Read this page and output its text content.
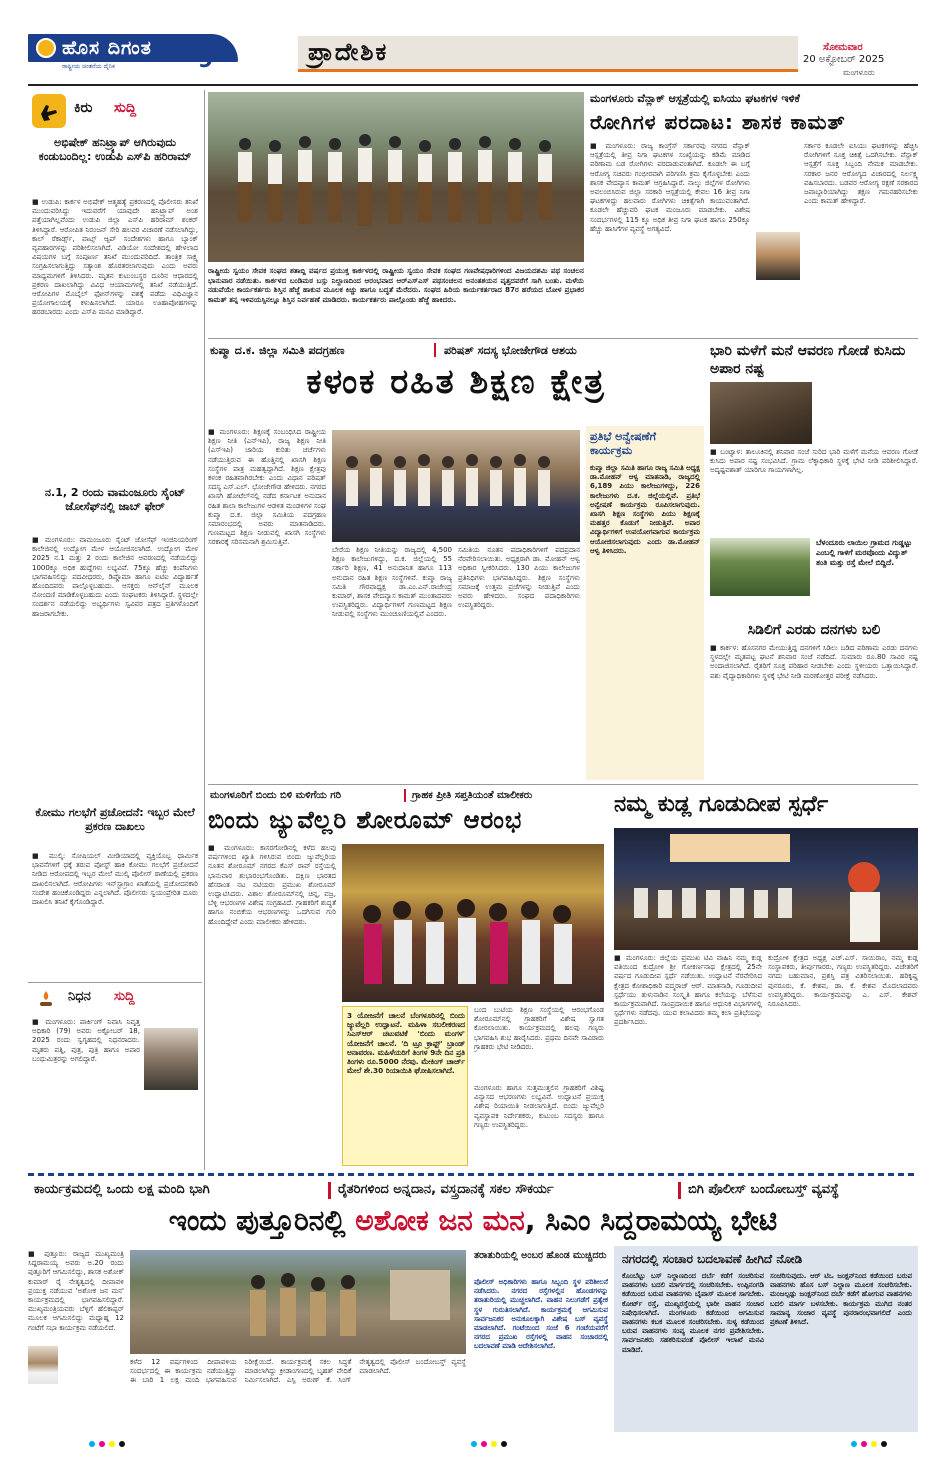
ಹೊಸ ದಿಗಂತ
ರಾಷ್ಟ್ರೀಯ ಚಿಂತನೆಯ ದೈನಿಕ	9	ಪ್ರಾದೇಶಿಕ	ಸೋಮವಾರ
20 ಅಕ್ಟೋಬರ್ 2025
ಮಂಗಳೂರು
ಕಿರು ಸುದ್ದಿ
ಅಭಿಷೇಕ್ ಹನಿಟ್ರ್ಯಾಪ್ ಆಗಿರುವುದು ಕಂಡುಬಂದಿಲ್ಲ: ಉಡುಪಿ ಎಸ್‌ಪಿ ಹರಿರಾಮ್
■ ಉಡುಪಿ: ಕಾರ್ಕಳ ಅಭಿಷೇಕ್ ಆತ್ಮಹತ್ಯೆ ಪ್ರಕರಣದಲ್ಲಿ ಪೊಲೀಸರು ತನಿಖೆ ಮುಂದುವರಿಸಿದ್ದು ಇದುವರೆಗೆ ಯಾವುದೇ ಹನಿಟ್ರ್ಯಾಪ್ ಅಂಶ ಪತ್ತೆಯಾಗಿಲ್ಲವೆಂದು ಉಡುಪಿ ಜಿಲ್ಲಾ ಎಸ್‌ಪಿ ಹರಿರಾಮ್ ಶಂಕರ್ ತಿಳಿಸಿದ್ದಾರೆ. ಆರೋಪಿತ ನಿರಂಜನ್ ಸೇರಿ ಹಲವರ ವಿಚಾರಣೆ ನಡೆಸಲಾಗಿದ್ದು, ಕಾಲ್ ರೆಕಾರ್ಡ್ಸ್, ವಾಟ್ಸ್ ಆ್ಯಪ್ ಸಂದೇಶಗಳು ಹಾಗೂ ಬ್ಯಾಂಕ್ ವ್ಯವಹಾರಗಳನ್ನು ಪರಿಶೀಲಿಸಲಾಗಿದೆ. ವಿಡಿಯೋ ಸಂದೇಶದಲ್ಲಿ ಹೇಳಲಾದ ವಿಷಯಗಳ ಬಗ್ಗೆ ಸಂಪೂರ್ಣ ತನಿಖೆ ಮುಂದುವರಿದಿದೆ. ತಾಂತ್ರಿಕ ಸಾಕ್ಷ್ಯ ಸಂಗ್ರಹಿಸಲಾಗುತ್ತಿದ್ದು ಸತ್ಯಾಂಶ ಹೊರತರಲಾಗುವುದು ಎಂದು ಅವರು ಮಾಧ್ಯಮಗಳಿಗೆ ತಿಳಿಸಿದರು. ಮೃತನ ಕುಟುಂಬಸ್ಥರ ದೂರಿನ ಆಧಾರದಲ್ಲಿ ಪ್ರಕರಣ ದಾಖಲಾಗಿದ್ದು ವಿವಿಧ ಆಯಾಮಗಳಲ್ಲಿ ತನಿಖೆ ನಡೆಯುತ್ತಿದೆ. ಆರೋಪಿಗಳ ಮೊಬೈಲ್ ಫೋನ್‌ಗಳನ್ನು ವಶಕ್ಕೆ ಪಡೆದು ವಿಧಿವಿಜ್ಞಾನ ಪ್ರಯೋಗಾಲಯಕ್ಕೆ ಕಳುಹಿಸಲಾಗಿದೆ. ಯಾರೂ ಊಹಾಪೋಹಗಳನ್ನು ಹರಡಬಾರದು ಎಂದು ಎಸ್‌ಪಿ ಮನವಿ ಮಾಡಿದ್ದಾರೆ.
ನ.1, 2 ರಂದು ವಾಮಂಜೂರು ಸೈಂಟ್ ಜೋಸೆಫ್‌ನಲ್ಲಿ ಜಾಬ್ ಫೇರ್
■ ಮಂಗಳೂರು: ವಾಮಂಜೂರು ಸೈಂಟ್ ಜೋಸೆಫ್ ಇಂಜಿನಿಯರಿಂಗ್ ಕಾಲೇಜಿನಲ್ಲಿ ಉದ್ಯೋಗ ಮೇಳ ಆಯೋಜಿಸಲಾಗಿದೆ. ಉದ್ಯೋಗ ಮೇಳ 2025 ನ.1 ಮತ್ತು 2 ರಂದು ಕಾಲೇಜಿನ ಆವರಣದಲ್ಲಿ ನಡೆಯಲಿದ್ದು 1000ಕ್ಕೂ ಅಧಿಕ ಹುದ್ದೆಗಳು ಲಭ್ಯವಿವೆ. 75ಕ್ಕೂ ಹೆಚ್ಚು ಕಂಪೆನಿಗಳು ಭಾಗವಹಿಸಲಿದ್ದು ಪದವೀಧರರು, ಡಿಪ್ಲೊಮಾ ಹಾಗೂ ಐಟಿಐ ವಿದ್ಯಾರ್ಹತೆ ಹೊಂದಿದವರು ಪಾಲ್ಗೊಳ್ಳಬಹುದು. ಆಸಕ್ತರು ಆನ್‌ಲೈನ್ ಮೂಲಕ ನೋಂದಣಿ ಮಾಡಿಕೊಳ್ಳಬಹುದು ಎಂದು ಸಂಘಟಕರು ತಿಳಿಸಿದ್ದಾರೆ. ಸ್ಥಳದಲ್ಲೇ ಸಂದರ್ಶನ ನಡೆಯಲಿದ್ದು ಅಭ್ಯರ್ಥಿಗಳು ಸ್ವವಿವರ ಪತ್ರದ ಪ್ರತಿಗಳೊಂದಿಗೆ ಹಾಜರಾಗಬೇಕು.
ಕೋಮು ಗಲಭೆಗೆ ಪ್ರಚೋದನೆ: ಇಬ್ಬರ ಮೇಲೆ ಪ್ರಕರಣ ದಾಖಲು
■ ಮುಲ್ಕಿ: ಸೋಷಿಯಲ್ ಮೀಡಿಯಾದಲ್ಲಿ ವ್ಯಕ್ತಿಯೊಬ್ಬ ಧಾರ್ಮಿಕ ಭಾವನೆಗಳಿಗೆ ಧಕ್ಕೆ ತರುವ ಪೋಸ್ಟ್ ಹಾಕಿ ಕೋಮು ಗಲಭೆಗೆ ಪ್ರಚೋದನೆ ನೀಡಿದ ಆರೋಪದಲ್ಲಿ ಇಬ್ಬರ ಮೇಲೆ ಮುಲ್ಕಿ ಪೊಲೀಸ್ ಠಾಣೆಯಲ್ಲಿ ಪ್ರಕರಣ ದಾಖಲಿಸಲಾಗಿದೆ. ಆರೋಪಿಗಳು ಇನ್‌ಸ್ಟಾಗ್ರಾಂ ಖಾತೆಯಲ್ಲಿ ಪ್ರಚೋದನಕಾರಿ ಸಂದೇಶ ಹಂಚಿಕೊಂಡಿದ್ದರು ಎನ್ನಲಾಗಿದೆ. ಪೊಲೀಸರು ಸ್ವಯಂಪ್ರೇರಿತ ದೂರು ದಾಖಲಿಸಿ ತನಿಖೆ ಕೈಗೊಂಡಿದ್ದಾರೆ.
ನಿಧನ ಸುದ್ದಿ
■ ಮಂಗಳೂರು: ಪಾರ್ಕಿಂಗ್ ನಿವಾಸಿ ನಿವೃತ್ತ ಅಧಿಕಾರಿ (79) ಅವರು ಅಕ್ಟೋಬರ್ 18, 2025 ರಂದು ಸ್ವಗೃಹದಲ್ಲಿ ನಿಧನರಾದರು. ಮೃತರು ಪತ್ನಿ, ಪುತ್ರ, ಪುತ್ರಿ ಹಾಗೂ ಅಪಾರ ಬಂಧುಮಿತ್ರರನ್ನು ಅಗಲಿದ್ದಾರೆ.
ರಾಷ್ಟ್ರೀಯ ಸ್ವಯಂ ಸೇವಕ ಸಂಘದ ಶತಾಬ್ದಿ ವರ್ಷದ ಪ್ರಯುಕ್ತ ಕಾರ್ಕಳದಲ್ಲಿ ರಾಷ್ಟ್ರೀಯ ಸ್ವಯಂ ಸೇವಕ ಸಂಘದ ಗಣವೇಷಧಾರಿಗಳಿಂದ ವಿಜಯದಶಮಿ ಪಥ ಸಂಚಲನ ಭಾನುವಾರ ನಡೆಯಿತು. ಕಾರ್ಕಳದ ಬಂಡಿಮಠ ಬಸ್ಸು ನಿಲ್ದಾಣದಿಂದ ಆರಂಭವಾದ ಆರ್‌ಎಸ್‌ಎಸ್ ಪಥಸಂಚಲನ ಅನಂತಶಯನ ವೃತ್ತದವರೆಗೆ ಸಾಗಿ ಬಂತು. ಮಳೆಯ ನಡುವೆಯೇ ಕಾರ್ಯಕರ್ತರು ಶಿಸ್ತಿನ ಹೆಜ್ಜೆ ಹಾಕುವ ಮೂಲಕ ಕಿಚ್ಚು ಹಾಗೂ ಬದ್ಧತೆ ಮೆರೆದರು. ಸಂಘದ ಹಿರಿಯ ಕಾರ್ಯಕರ್ತರಾದ 87ರ ಹರೆಯದ ಬೋಳ ಪ್ರಭಾಕರ ಕಾಮತ್ ತನ್ನ ಇಳಿವಯಸ್ಸಿನಲ್ಲೂ ಶಿಸ್ತಿನ ನಿರ್ವಹಣೆ ಮಾಡಿದರು. ಕಾರ್ಯಕರ್ತರು ಪಾಲ್ಗೊಂಡು ಹೆಜ್ಜೆ ಹಾಕಿದರು.
ಮಂಗಳೂರು ವೆನ್ಲಾಕ್ ಆಸ್ಪತ್ರೆಯಲ್ಲಿ ಐಸಿಯು ಘಟಕಗಳ ಇಳಿಕೆ
ರೋಗಿಗಳ ಪರದಾಟ: ಶಾಸಕ ಕಾಮತ್
■ ಮಂಗಳೂರು: ರಾಜ್ಯ ಕಾಂಗ್ರೆಸ್ ಸರ್ಕಾರವು ನಗರದ ವೆನ್ಲಾಕ್ ಆಸ್ಪತ್ರೆಯಲ್ಲಿ ತೀವ್ರ ನಿಗಾ ಘಟಕಗಳ ಸಂಖ್ಯೆಯನ್ನು ಕಡಿಮೆ ಮಾಡಿದ ಪರಿಣಾಮ ಬಡ ರೋಗಿಗಳು ಪರದಾಡುವಂತಾಗಿದೆ. ಕೂಡಲೇ ಈ ಬಗ್ಗೆ ಆರೋಗ್ಯ ಸಚಿವರು ಗಂಭೀರವಾಗಿ ಪರಿಗಣಿಸಿ ಕ್ರಮ ಕೈಗೊಳ್ಳಬೇಕು ಎಂದು ಶಾಸಕ ವೇದವ್ಯಾಸ ಕಾಮತ್ ಆಗ್ರಹಿಸಿದ್ದಾರೆ. ನಾಲ್ಕು ಜಿಲ್ಲೆಗಳ ರೋಗಿಗಳು ಅವಲಂಬಿಸಿರುವ ಜಿಲ್ಲಾ ಸರಕಾರಿ ಆಸ್ಪತ್ರೆಯಲ್ಲಿ ಕೇವಲ 16 ತೀವ್ರ ನಿಗಾ ಘಟಕಗಳಿದ್ದು ಹಲವಾರು ರೋಗಿಗಳು ಚಿಕಿತ್ಸೆಗಾಗಿ ಕಾಯುವಂತಾಗಿದೆ. ಕೂಡಲೇ ಹೆಚ್ಚುವರಿ ಘಟಕ ಮಂಜೂರು ಮಾಡಬೇಕು. ವಿಶೇಷ ಸಂದರ್ಭಗಳಲ್ಲಿ 115 ಕ್ಕೂ ಅಧಿಕ ತೀವ್ರ ನಿಗಾ ಘಟಕ ಹಾಗೂ 250ಕ್ಕೂ ಹೆಚ್ಚು ಹಾಸಿಗೆಗಳ ವ್ಯವಸ್ಥೆ ಅಗತ್ಯವಿದೆ.
ಸರ್ಕಾರ ಕೂಡಲೇ ಐಸಿಯು ಘಟಕಗಳನ್ನು ಹೆಚ್ಚಿಸಿ ರೋಗಿಗಳಿಗೆ ಸೂಕ್ತ ಚಿಕಿತ್ಸೆ ಒದಗಿಸಬೇಕು. ವೆನ್ಲಾಕ್ ಆಸ್ಪತ್ರೆಗೆ ಸೂಕ್ತ ಸಿಬ್ಬಂದಿ ನೇಮಕ ಮಾಡಬೇಕು. ಸರಕಾರ ಜನರ ಆರೋಗ್ಯದ ವಿಚಾರದಲ್ಲಿ ನಿರ್ಲಕ್ಷ್ಯ ವಹಿಸಬಾರದು. ಬಡವರ ಆರೋಗ್ಯ ರಕ್ಷಣೆ ಸರಕಾರದ ಜವಾಬ್ದಾರಿಯಾಗಿದ್ದು ತಕ್ಷಣ ಗಮನಹರಿಸಬೇಕು ಎಂದು ಕಾಮತ್ ಹೇಳಿದ್ದಾರೆ.
ಕುಪ್ಮಾ ದ.ಕ. ಜಿಲ್ಲಾ ಸಮಿತಿ ಪದಗ್ರಹಣ	ಪರಿಷತ್ ಸದಸ್ಯ ಭೋಜೇಗೌಡ ಆಶಯ
ಕಳಂಕ ರಹಿತ ಶಿಕ್ಷಣ ಕ್ಷೇತ್ರ
■ ಮಂಗಳೂರು: ಶಿಕ್ಷಣಕ್ಕೆ ಸಂಬಂಧಿಸಿದ ರಾಷ್ಟ್ರೀಯ ಶಿಕ್ಷಣ ನೀತಿ (ಎನ್‌ಇಪಿ), ರಾಜ್ಯ ಶಿಕ್ಷಣ ನೀತಿ (ಎಸ್‌ಇಪಿ) ಜಾರಿಯ ಕುರಿತು ಚರ್ಚೆಗಳು ನಡೆಯುತ್ತಿರುವ ಈ ಹೊತ್ತಿನಲ್ಲಿ ಖಾಸಗಿ ಶಿಕ್ಷಣ ಸಂಸ್ಥೆಗಳ ಪಾತ್ರ ಮಹತ್ವದ್ದಾಗಿದೆ. ಶಿಕ್ಷಣ ಕ್ಷೇತ್ರವು ಕಳಂಕ ರಹಿತವಾಗಿರಬೇಕು ಎಂದು ವಿಧಾನ ಪರಿಷತ್ ಸದಸ್ಯ ಎಸ್.ಎಲ್. ಭೋಜೇಗೌಡ ಹೇಳಿದರು. ನಗರದ ಖಾಸಗಿ ಹೋಟೆಲ್‌ನಲ್ಲಿ ನಡೆದ ಕರ್ನಾಟಕ ಅನುದಾನ ರಹಿತ ಶಾಲಾ ಕಾಲೇಜುಗಳ ಆಡಳಿತ ಮಂಡಳಿಗಳ ಸಂಘ ಕುಪ್ಮಾ ದ.ಕ. ಜಿಲ್ಲಾ ಸಮಿತಿಯ ಪದಗ್ರಹಣ ಸಮಾರಂಭದಲ್ಲಿ ಅವರು ಮಾತನಾಡಿದರು. ಗುಣಮಟ್ಟದ ಶಿಕ್ಷಣ ನೀಡುವಲ್ಲಿ ಖಾಸಗಿ ಸಂಸ್ಥೆಗಳು ಸರಕಾರಕ್ಕೆ ಸರಿಸಮನಾಗಿ ಶ್ರಮಿಸುತ್ತಿವೆ.
ಬೇರೆಯ ಶಿಕ್ಷಣ ನೀತಿಯನ್ನು ರಾಜ್ಯದಲ್ಲಿ 4,500 ಶಿಕ್ಷಣ ಕಾಲೇಜುಗಳಿದ್ದು, ದ.ಕ. ಜಿಲ್ಲೆಯಲ್ಲಿ 55 ಸರ್ಕಾರಿ ಶಿಕ್ಷಣ, 41 ಅನುದಾನಿತ ಹಾಗೂ 113 ಅನುದಾನ ರಹಿತ ಶಿಕ್ಷಣ ಸಂಸ್ಥೆಗಳಿವೆ. ಕುಪ್ಮಾ ರಾಜ್ಯ ಸಮಿತಿ ಗೌರವಾಧ್ಯಕ್ಷ ಡಾ.ಎಂ.ಎನ್.ರಾಜೇಂದ್ರ ಕುಮಾರ್, ಶಾಸಕ ವೇದವ್ಯಾಸ ಕಾಮತ್ ಮುಂತಾದವರು ಉಪಸ್ಥಿತರಿದ್ದರು. ವಿದ್ಯಾರ್ಥಿಗಳಿಗೆ ಗುಣಮಟ್ಟದ ಶಿಕ್ಷಣ ನೀಡುವಲ್ಲಿ ಸಂಸ್ಥೆಗಳು ಮುಂಚೂಣಿಯಲ್ಲಿವೆ ಎಂದರು.
ಸಮಿತಿಯ ನೂತನ ಪದಾಧಿಕಾರಿಗಳಿಗೆ ಪದಪ್ರದಾನ ನೆರವೇರಿಸಲಾಯಿತು. ಅಧ್ಯಕ್ಷರಾಗಿ ಡಾ. ಮೋಹನ್ ಆಳ್ವ ಅಧಿಕಾರ ಸ್ವೀಕರಿಸಿದರು. 130 ಪಿಯು ಕಾಲೇಜುಗಳ ಪ್ರತಿನಿಧಿಗಳು ಭಾಗವಹಿಸಿದ್ದರು. ಶಿಕ್ಷಣ ಸಂಸ್ಥೆಗಳು ಸಮಾಜಕ್ಕೆ ಉತ್ತಮ ಪ್ರಜೆಗಳನ್ನು ನೀಡುತ್ತಿವೆ ಎಂದು ಅವರು ಹೇಳಿದರು. ಸಂಘದ ಪದಾಧಿಕಾರಿಗಳು ಉಪಸ್ಥಿತರಿದ್ದರು.
ಪ್ರತಿಭೆ ಅನ್ವೇಷಣೆಗೆ ಕಾರ್ಯಕ್ರಮ
ಕುಪ್ಮಾ ಜಿಲ್ಲಾ ಸಮಿತಿ ಹಾಗೂ ರಾಜ್ಯ ಸಮಿತಿ ಅಧ್ಯಕ್ಷ ಡಾ.ಮೋಹನ್ ಆಳ್ವ ಮಾತನಾಡಿ, ರಾಜ್ಯದಲ್ಲಿ 6,189 ಪಿಯು ಕಾಲೇಜುಗಳಿದ್ದು, 226 ಕಾಲೇಜುಗಳು ದ.ಕ. ಜಿಲ್ಲೆಯಲ್ಲಿವೆ. ಪ್ರತಿಭೆ ಅನ್ವೇಷಣೆ ಕಾರ್ಯಕ್ರಮ ರೂಪಿಸಲಾಗುವುದು. ಖಾಸಗಿ ಶಿಕ್ಷಣ ಸಂಸ್ಥೆಗಳು ಪಿಯು ಶಿಕ್ಷಣಕ್ಕೆ ಮಹತ್ತರ ಕೊಡುಗೆ ನೀಡುತ್ತಿವೆ. ಅಪಾರ ವಿದ್ಯಾರ್ಥಿಗಳಿಗೆ ಉಪಯೋಗವಾಗುವ ಕಾರ್ಯಕ್ರಮ ಆಯೋಜಿಸಲಾಗುವುದು ಎಂದು ಡಾ.ಮೋಹನ್ ಆಳ್ವ ತಿಳಿಸಿದರು.
ಭಾರಿ ಮಳೆಗೆ ಮನೆ ಆವರಣ ಗೋಡೆ ಕುಸಿದು ಅಪಾರ ನಷ್ಟ
■ ಬಂಟ್ವಾಳ: ತಾಲೂಕಿನಲ್ಲಿ ಶನಿವಾರ ಸಂಜೆ ಸುರಿದ ಭಾರಿ ಮಳೆಗೆ ಮನೆಯ ಆವರಣ ಗೋಡೆ ಕುಸಿದು ಅಪಾರ ನಷ್ಟ ಸಂಭವಿಸಿದೆ. ಗ್ರಾಮ ಲೆಕ್ಕಾಧಿಕಾರಿ ಸ್ಥಳಕ್ಕೆ ಭೇಟಿ ನೀಡಿ ಪರಿಶೀಲಿಸಿದ್ದಾರೆ. ಅದೃಷ್ಟವಶಾತ್ ಯಾರಿಗೂ ಗಾಯಗಳಾಗಿಲ್ಲ.
ಬೆಳಂದೂರು ಲಾಯಿಲ ಗ್ರಾಮದ ಗುಡ್ಡಟ್ಟು ಎಂಬಲ್ಲಿ ಗಾಳಿಗೆ ಮರವೊಂದು ವಿದ್ಯುತ್ ತಂತಿ ಮತ್ತು ರಸ್ತೆ ಮೇಲೆ ಬಿದ್ದಿದೆ.
ಸಿಡಿಲಿಗೆ ಎರಡು ದನಗಳು ಬಲಿ
■ ಕಾರ್ಕಳ: ಹೊಸನಗರ ಮೇಯುತ್ತಿದ್ದ ದನಗಳಿಗೆ ಸಿಡಿಲು ಬಡಿದ ಪರಿಣಾಮ ಎರಡು ದನಗಳು ಸ್ಥಳದಲ್ಲೇ ಮೃತಪಟ್ಟ ಘಟನೆ ಶನಿವಾರ ಸಂಜೆ ನಡೆದಿದೆ. ಸುಮಾರು ರೂ.80 ಸಾವಿರ ನಷ್ಟ ಅಂದಾಜಿಸಲಾಗಿದೆ. ರೈತರಿಗೆ ಸೂಕ್ತ ಪರಿಹಾರ ನೀಡಬೇಕು ಎಂದು ಸ್ಥಳೀಯರು ಒತ್ತಾಯಿಸಿದ್ದಾರೆ. ಪಶು ವೈದ್ಯಾಧಿಕಾರಿಗಳು ಸ್ಥಳಕ್ಕೆ ಭೇಟಿ ನೀಡಿ ಮರಣೋತ್ತರ ಪರೀಕ್ಷೆ ನಡೆಸಿದರು.
ಮಂಗಳೂರಿಗೆ ಬಿಂದು ಬಿಳಿ ಮಳಿಗೆಯ ಗರಿ	ಗ್ರಾಹಕ ಪ್ರೀತಿ ಸಪ್ತತಿಯಂತೆ ಮಾಲೀಕರು
ಬಿಂದು ಜ್ಯುವೆಲ್ಲರಿ ಶೋರೂಮ್ ಆರಂಭ
■ ಮಂಗಳೂರು: ಕಾಸರಗೋಡಿನಲ್ಲಿ ಕಳೆದ ಹಲವು ವರ್ಷಗಳಿಂದ ಖ್ಯಾತಿ ಗಳಿಸಿರುವ ಬಿಂದು ಜ್ಯುವೆಲ್ಲರಿಯ ನೂತನ ಶೋರೂಮ್ ನಗರದ ಕೆಎಸ್ ರಾವ್ ರಸ್ತೆಯಲ್ಲಿ ಭಾನುವಾರ ಶುಭಾರಂಭಗೊಂಡಿತು. ದಕ್ಷಿಣ ಭಾರತದ ಹೆಸರಾಂತ ನಟ ನಟಿಯರು ಪ್ರಮುಖ ಶೋರೂಮ್ ಉದ್ಘಾಟಿಸಿದರು. ವಿಶಾಲ ಶೋರೂಮ್‌ನಲ್ಲಿ ಚಿನ್ನ, ವಜ್ರ, ಬೆಳ್ಳಿ ಆಭರಣಗಳ ವಿಶೇಷ ಸಂಗ್ರಹವಿದೆ. ಗ್ರಾಹಕರಿಗೆ ಶುದ್ಧತೆ ಹಾಗೂ ನಂಬಿಕೆಯ ಆಭರಣಗಳನ್ನು ಒದಗಿಸುವ ಗುರಿ ಹೊಂದಿದ್ದೇವೆ ಎಂದು ಮಾಲೀಕರು ಹೇಳಿದರು.
3 ಯೋಜನೆಗೆ ಚಾಲನೆ ಬೆಂಗಳೂರಿನಲ್ಲಿ ಬಿಂದು ಜ್ಯುವೆಲ್ಲರಿ ಉದ್ಘಾಟನೆ. ಮಹಿಳಾ ಸಬಲೀಕರಣದ ಸಿಎಸ್‌ಆರ್ ಚಟುವಟಿಕೆ 'ಬಿಂದು ಮಂಗಳ' ಯೋಜನೆಗೆ ಚಾಲನೆ. 'ದಿ ಟ್ರೂ ಕ್ರಾಫ್ಟ್' ಬ್ರಾಂಡ್ ಅನಾವರಣ. ಮಹಿಳೆಯರಿಗೆ ತಿಂಗಳ 9ನೇ ದಿನ ಪ್ರತಿ ತಿಂಗಳು ರೂ.5000 ನೆರವು. ಮೇಕಿಂಗ್ ಚಾರ್ಜ್ ಮೇಲೆ ಶೇ.30 ರಿಯಾಯಿತಿ ಘೋಷಿಸಲಾಗಿದೆ.
ಬಂದ ಬುಟಿಯ ಶಿಕ್ಷಣ ಸಂಸ್ಥೆಯಲ್ಲಿ ಆರಂಭಗೊಂಡ ಶೋರೂಮ್‌ನಲ್ಲಿ ಗ್ರಾಹಕರಿಗೆ ವಿಶೇಷ ಸ್ವಾಗತ ಕೋರಲಾಯಿತು. ಕಾರ್ಯಕ್ರಮದಲ್ಲಿ ಹಲವು ಗಣ್ಯರು ಭಾಗವಹಿಸಿ ಶುಭ ಹಾರೈಸಿದರು. ಪ್ರಥಮ ದಿನವೇ ಸಾವಿರಾರು ಗ್ರಾಹಕರು ಭೇಟಿ ನೀಡಿದರು.
ಮಂಗಳೂರು ಹಾಗೂ ಸುತ್ತಮುತ್ತಲಿನ ಗ್ರಾಹಕರಿಗೆ ವಿಶಿಷ್ಟ ವಿನ್ಯಾಸದ ಆಭರಣಗಳು ಲಭ್ಯವಿವೆ. ಉದ್ಘಾಟನೆ ಪ್ರಯುಕ್ತ ವಿಶೇಷ ರಿಯಾಯಿತಿ ನೀಡಲಾಗುತ್ತಿದೆ. ಬಿಂದು ಜ್ಯುವೆಲ್ಲರಿ ವ್ಯವಸ್ಥಾಪಕ ನಿರ್ದೇಶಕರು, ಕುಟುಂಬ ಸದಸ್ಯರು ಹಾಗೂ ಗಣ್ಯರು ಉಪಸ್ಥಿತರಿದ್ದರು.
ನಮ್ಮ ಕುಡ್ಲ ಗೂಡುದೀಪ ಸ್ಪರ್ಧೆ
■ ಮಂಗಳೂರು: ಜಿಲ್ಲೆಯ ಪ್ರಮುಖ ಟಿವಿ ವಾಹಿನಿ ನಮ್ಮ ಕುಡ್ಲ ವತಿಯಿಂದ ಕುದ್ರೋಳಿ ಶ್ರೀ ಗೋಕರ್ಣನಾಥ ಕ್ಷೇತ್ರದಲ್ಲಿ 25ನೇ ವರ್ಷದ ಗೂಡುದೀಪ ಸ್ಪರ್ಧೆ ನಡೆಯಿತು. ಉದ್ಘಾಟನೆ ನೆರವೇರಿಸಿದ ಕ್ಷೇತ್ರದ ಕೋಶಾಧಿಕಾರಿ ಪದ್ಮರಾಜ್ ಆರ್. ಮಾತನಾಡಿ, ಗೂಡುದೀಪ ಸ್ಪರ್ಧೆಯು ತುಳುನಾಡಿನ ಸಂಸ್ಕೃತಿ ಹಾಗೂ ಕಲೆಯನ್ನು ಬೆಳೆಸುವ ಕಾರ್ಯಕ್ರಮವಾಗಿದೆ. ಸಾಂಪ್ರದಾಯಿಕ ಹಾಗೂ ಆಧುನಿಕ ವಿಭಾಗಗಳಲ್ಲಿ ಸ್ಪರ್ಧೆಗಳು ನಡೆದವು. ಯುವ ಕಲಾವಿದರು ತಮ್ಮ ಕಲಾ ಪ್ರತಿಭೆಯನ್ನು ಪ್ರದರ್ಶಿಸಿದರು.
ಕುದ್ರೋಳಿ ಕ್ಷೇತ್ರದ ಅಧ್ಯಕ್ಷ ಎಚ್.ಎಸ್. ಸಾಯಿರಾಂ, ನಮ್ಮ ಕುಡ್ಲ ಸಂಸ್ಥಾಪಕರು, ತೀರ್ಪುಗಾರರು, ಗಣ್ಯರು ಉಪಸ್ಥಿತರಿದ್ದರು. ವಿಜೇತರಿಗೆ ನಗದು ಬಹುಮಾನ, ಪ್ರಶಸ್ತಿ ಪತ್ರ ವಿತರಿಸಲಾಯಿತು. ಹರಿಕೃಷ್ಣ ಪುನರೂರು, ಕೆ. ಕೇಶವ, ಡಾ. ಕೆ. ಕೇಶವ ಮೊದಲಾದವರು ಉಪಸ್ಥಿತರಿದ್ದರು. ಕಾರ್ಯಕ್ರಮವನ್ನು ಎ. ಎಸ್. ಕೇಶವ್ ನಿರೂಪಿಸಿದರು.
ಕಾರ್ಯಕ್ರಮದಲ್ಲಿ ಒಂದು ಲಕ್ಷ ಮಂದಿ ಭಾಗಿ	ರೈತರಿಗಳಿಂದ ಅನ್ನದಾನ, ವಸ್ತ್ರದಾನಕ್ಕೆ ಸಕಲ ಸೌಕರ್ಯ	ಬಿಗಿ ಪೊಲೀಸ್ ಬಂದೋಬಸ್ತ್ ವ್ಯವಸ್ಥೆ
ಇಂದು ಪುತ್ತೂರಿನಲ್ಲಿ ಅಶೋಕ ಜನ ಮನ, ಸಿಎಂ ಸಿದ್ದರಾಮಯ್ಯ ಭೇಟಿ
■ ಪುತ್ತೂರು: ರಾಜ್ಯದ ಮುಖ್ಯಮಂತ್ರಿ ಸಿದ್ದರಾಮಯ್ಯ ಅವರು ಅ.20 ರಂದು ಪುತ್ತೂರಿಗೆ ಆಗಮಿಸಲಿದ್ದು, ಶಾಸಕ ಅಶೋಕ್ ಕುಮಾರ್ ರೈ ನೇತೃತ್ವದಲ್ಲಿ ದೀಪಾವಳಿ ಪ್ರಯುಕ್ತ ನಡೆಯುವ 'ಅಶೋಕ ಜನ ಮನ' ಕಾರ್ಯಕ್ರಮದಲ್ಲಿ ಭಾಗವಹಿಸಲಿದ್ದಾರೆ. ಮುಖ್ಯಮಂತ್ರಿಯವರು ಬೆಳ್ಳಿಗೆ ಹೆಲಿಕಾಪ್ಟರ್ ಮೂಲಕ ಆಗಮಿಸಲಿದ್ದು ಮಧ್ಯಾಹ್ನ 12 ಗಂಟೆಗೆ ಸಭಾ ಕಾರ್ಯಕ್ರಮ ನಡೆಯಲಿದೆ.
ಕಳೆದ 12 ವರ್ಷಗಳಿಂದ ದೀಪಾವಳಿಯ ಸಂದರ್ಭದಲ್ಲಿ ಈ ಕಾರ್ಯಕ್ರಮ ನಡೆಯುತ್ತಿದ್ದು ಈ ಬಾರಿ 1 ಲಕ್ಷ ಮಂದಿ ಭಾಗವಹಿಸುವ ನಿರೀಕ್ಷೆಯಿದೆ. ಕಾರ್ಯಕ್ರಮಕ್ಕೆ ಸಕಲ ಸಿದ್ಧತೆ ಮಾಡಲಾಗಿದ್ದು ಕ್ರೀಡಾಂಗಣದಲ್ಲಿ ಬೃಹತ್ ವೇದಿಕೆ ನಿರ್ಮಿಸಲಾಗಿದೆ. ಎಸ್ಪಿ ಅರುಣ್ ಕೆ. ಸಿಂಗ್ ನೇತೃತ್ವದಲ್ಲಿ ಪೊಲೀಸ್ ಬಂದೋಬಸ್ತ್ ವ್ಯವಸ್ಥೆ ಮಾಡಲಾಗಿದೆ.
ತರಾತುರಿಯಲ್ಲಿ ಅಂಬರ ಹೊಂಡ ಮುಚ್ಚಿದರು
ಪೊಲೀಸ್ ಅಧಿಕಾರಿಗಳು ಹಾಗೂ ಸಿಬ್ಬಂದಿ ಸ್ಥಳ ಪರಿಶೀಲನೆ ನಡೆಸಿದರು. ನಗರದ ರಸ್ತೆಗಳಲ್ಲಿನ ಹೊಂಡಗಳನ್ನು ತರಾತುರಿಯಲ್ಲಿ ಮುಚ್ಚಲಾಗಿದೆ. ವಾಹನ ನಿಲುಗಡೆಗೆ ಪ್ರತ್ಯೇಕ ಸ್ಥಳ ಗುರುತಿಸಲಾಗಿದೆ. ಕಾರ್ಯಕ್ರಮಕ್ಕೆ ಆಗಮಿಸುವ ಸಾರ್ವಜನಿಕರ ಅನುಕೂಲಕ್ಕಾಗಿ ವಿಶೇಷ ಬಸ್ ವ್ಯವಸ್ಥೆ ಮಾಡಲಾಗಿದೆ. ಗಂಟೆಯಿಂದ ಸಂಜೆ 6 ಗಂಟೆಯವರೆಗೆ ನಗರದ ಪ್ರಮುಖ ರಸ್ತೆಗಳಲ್ಲಿ ವಾಹನ ಸಂಚಾರದಲ್ಲಿ ಬದಲಾವಣೆ ಮಾಡಿ ಆದೇಶಿಸಲಾಗಿದೆ.
ನಗರದಲ್ಲಿ ಸಂಚಾರ ಬದಲಾವಣೆ ಹೀಗಿದೆ ನೋಡಿ
ಕೊಂಬೆಟ್ಟು ಬಸ್ ನಿಲ್ದಾಣದಿಂದ ದರ್ಬೆ ಕಡೆಗೆ ಸಂಚರಿಸುವ ವಾಹನಗಳು ಬದಲಿ ಮಾರ್ಗದಲ್ಲಿ ಸಂಚರಿಸಬೇಕು. ಉಪ್ಪಿನಂಗಡಿ ಕಡೆಯಿಂದ ಬರುವ ವಾಹನಗಳು ಬೈಪಾಸ್ ಮೂಲಕ ಸಾಗಬೇಕು. ಕೋರ್ಟ್ ರಸ್ತೆ, ಮುಖ್ಯರಸ್ತೆಯಲ್ಲಿ ಭಾರೀ ವಾಹನ ಸಂಚಾರ ನಿಷೇಧಿಸಲಾಗಿದೆ. ಮಂಗಳೂರು ಕಡೆಯಿಂದ ಆಗಮಿಸುವ ವಾಹನಗಳು ಕಬಕ ಮೂಲಕ ಸಂಚರಿಸಬೇಕು. ಸುಳ್ಯ ಕಡೆಯಿಂದ ಬರುವ ವಾಹನಗಳು ಸಂಪ್ಯ ಮೂಲಕ ನಗರ ಪ್ರವೇಶಿಸಬೇಕು. ಸಾರ್ವಜನಿಕರು ಸಹಕರಿಸುವಂತೆ ಪೊಲೀಸ್ ಇಲಾಖೆ ಮನವಿ ಮಾಡಿದೆ.
ಸಂಚರಿಸುವುದು. ಆರ್ ಟಿಒ ಜಂಕ್ಷನ್‌ನಿಂದ ಕಡೆಯಿಂದ ಬರುವ ವಾಹನಗಳು ಹೊಸ ಬಸ್ ನಿಲ್ದಾಣ ಮೂಲಕ ಸಂಚರಿಸಬೇಕು. ಮಂಜಲ್ಪಡ್ಪು ಜಂಕ್ಷನ್‌ನಿಂದ ದರ್ಬೆ ಕಡೆಗೆ ಹೋಗುವ ವಾಹನಗಳು ಬದಲಿ ಮಾರ್ಗ ಬಳಸಬೇಕು. ಕಾರ್ಯಕ್ರಮ ಮುಗಿದ ನಂತರ ಸಾಮಾನ್ಯ ಸಂಚಾರ ವ್ಯವಸ್ಥೆ ಪುನರಾರಂಭವಾಗಲಿದೆ ಎಂದು ಪ್ರಕಟಣೆ ತಿಳಿಸಿದೆ.
